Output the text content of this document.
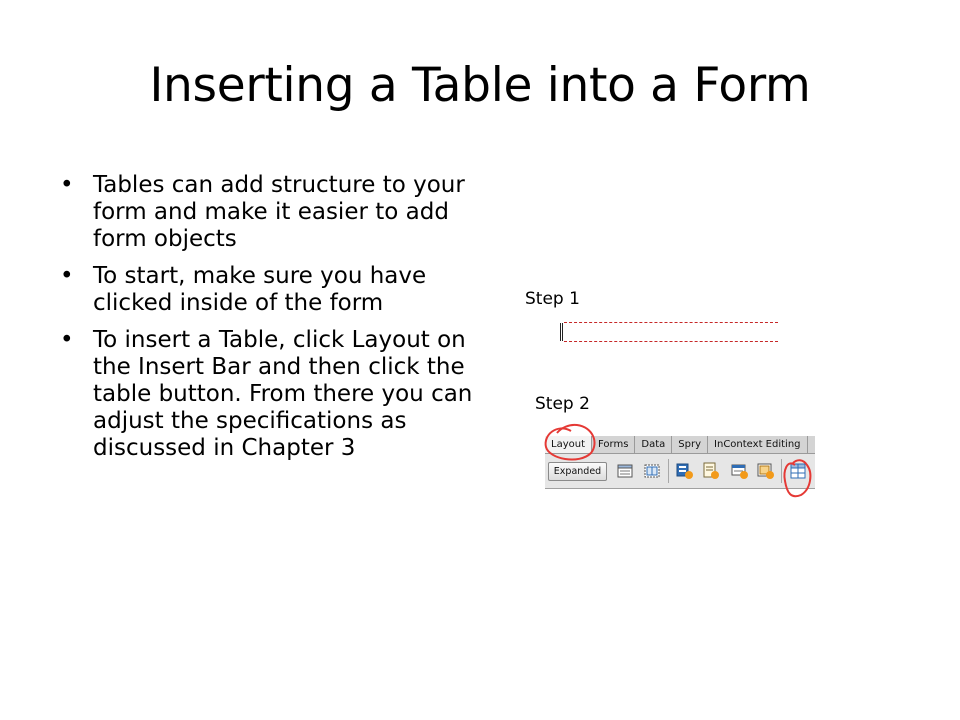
Inserting a Table into a Form
• Tables can add structure to your form and make it easier to add form objects
• To start, make sure you have clicked inside of the form
• To insert a Table, click Layout on the Insert Bar and then click the table button. From there you can adjust the specifications as discussed in Chapter 3
Step 1
Step 2
Layout	Forms	Data	Spry	InContext Editing
Expanded
